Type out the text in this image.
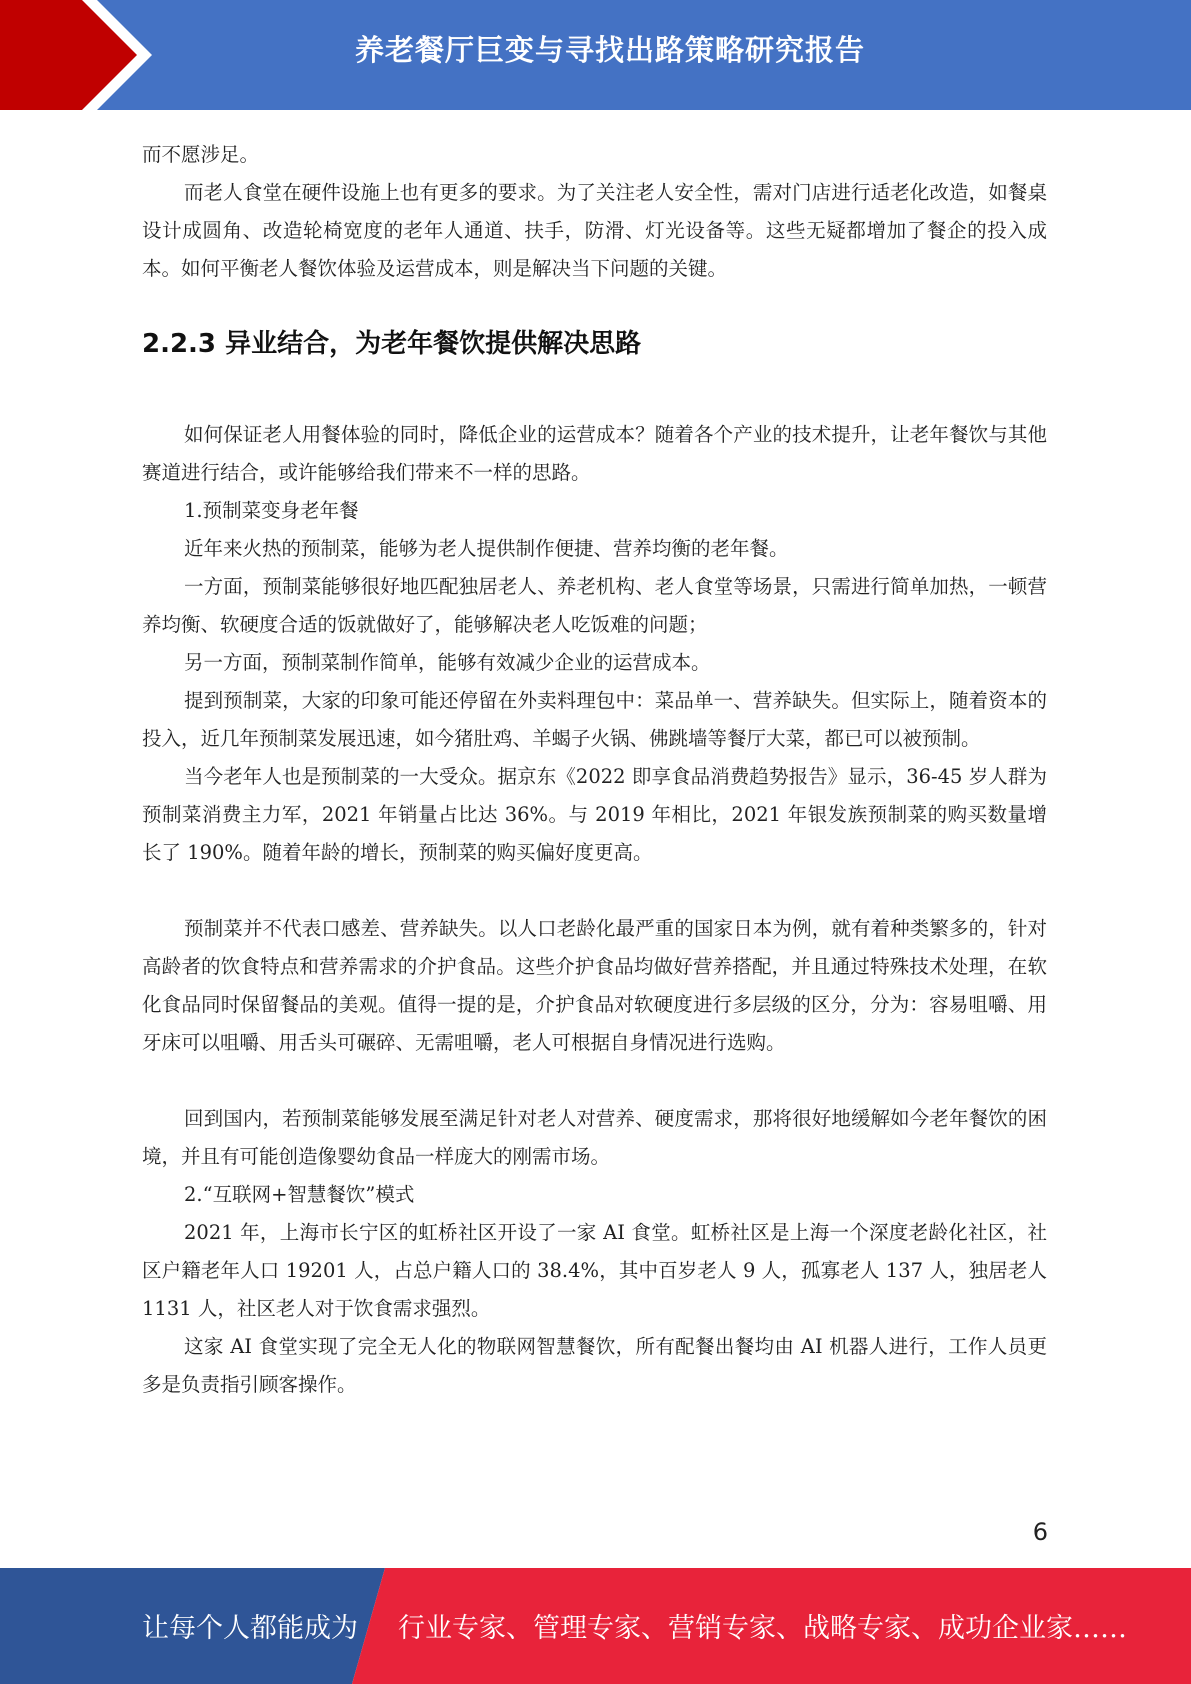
养老餐厅巨变与寻找出路策略研究报告

而不愿涉足。

而老人食堂在硬件设施上也有更多的要求。为了关注老人安全性，需对门店进行适老化改造，如餐桌设计成圆角、改造轮椅宽度的老年人通道、扶手，防滑、灯光设备等。这些无疑都增加了餐企的投入成本。如何平衡老人餐饮体验及运营成本，则是解决当下问题的关键。

2.2.3 异业结合，为老年餐饮提供解决思路

如何保证老人用餐体验的同时，降低企业的运营成本？随着各个产业的技术提升，让老年餐饮与其他赛道进行结合，或许能够给我们带来不一样的思路。

1.预制菜变身老年餐

近年来火热的预制菜，能够为老人提供制作便捷、营养均衡的老年餐。

一方面，预制菜能够很好地匹配独居老人、养老机构、老人食堂等场景，只需进行简单加热，一顿营养均衡、软硬度合适的饭就做好了，能够解决老人吃饭难的问题；

另一方面，预制菜制作简单，能够有效减少企业的运营成本。

提到预制菜，大家的印象可能还停留在外卖料理包中：菜品单一、营养缺失。但实际上，随着资本的投入，近几年预制菜发展迅速，如今猪肚鸡、羊蝎子火锅、佛跳墙等餐厅大菜，都已可以被预制。

当今老年人也是预制菜的一大受众。据京东《2022 即享食品消费趋势报告》显示，36-45 岁人群为预制菜消费主力军，2021 年销量占比达 36%。与 2019 年相比，2021 年银发族预制菜的购买数量增长了 190%。随着年龄的增长，预制菜的购买偏好度更高。

预制菜并不代表口感差、营养缺失。以人口老龄化最严重的国家日本为例，就有着种类繁多的，针对高龄者的饮食特点和营养需求的介护食品。这些介护食品均做好营养搭配，并且通过特殊技术处理，在软化食品同时保留餐品的美观。值得一提的是，介护食品对软硬度进行多层级的区分，分为：容易咀嚼、用牙床可以咀嚼、用舌头可碾碎、无需咀嚼，老人可根据自身情况进行选购。

回到国内，若预制菜能够发展至满足针对老人对营养、硬度需求，那将很好地缓解如今老年餐饮的困境，并且有可能创造像婴幼食品一样庞大的刚需市场。

2.“互联网+智慧餐饮”模式

2021 年，上海市长宁区的虹桥社区开设了一家 AI 食堂。虹桥社区是上海一个深度老龄化社区，社区户籍老年人口 19201 人，占总户籍人口的 38.4%，其中百岁老人 9 人，孤寡老人 137 人，独居老人 1131 人，社区老人对于饮食需求强烈。

这家 AI 食堂实现了完全无人化的物联网智慧餐饮，所有配餐出餐均由 AI 机器人进行，工作人员更多是负责指引顾客操作。

6
让每个人都能成为 行业专家、管理专家、营销专家、战略专家、成功企业家……
